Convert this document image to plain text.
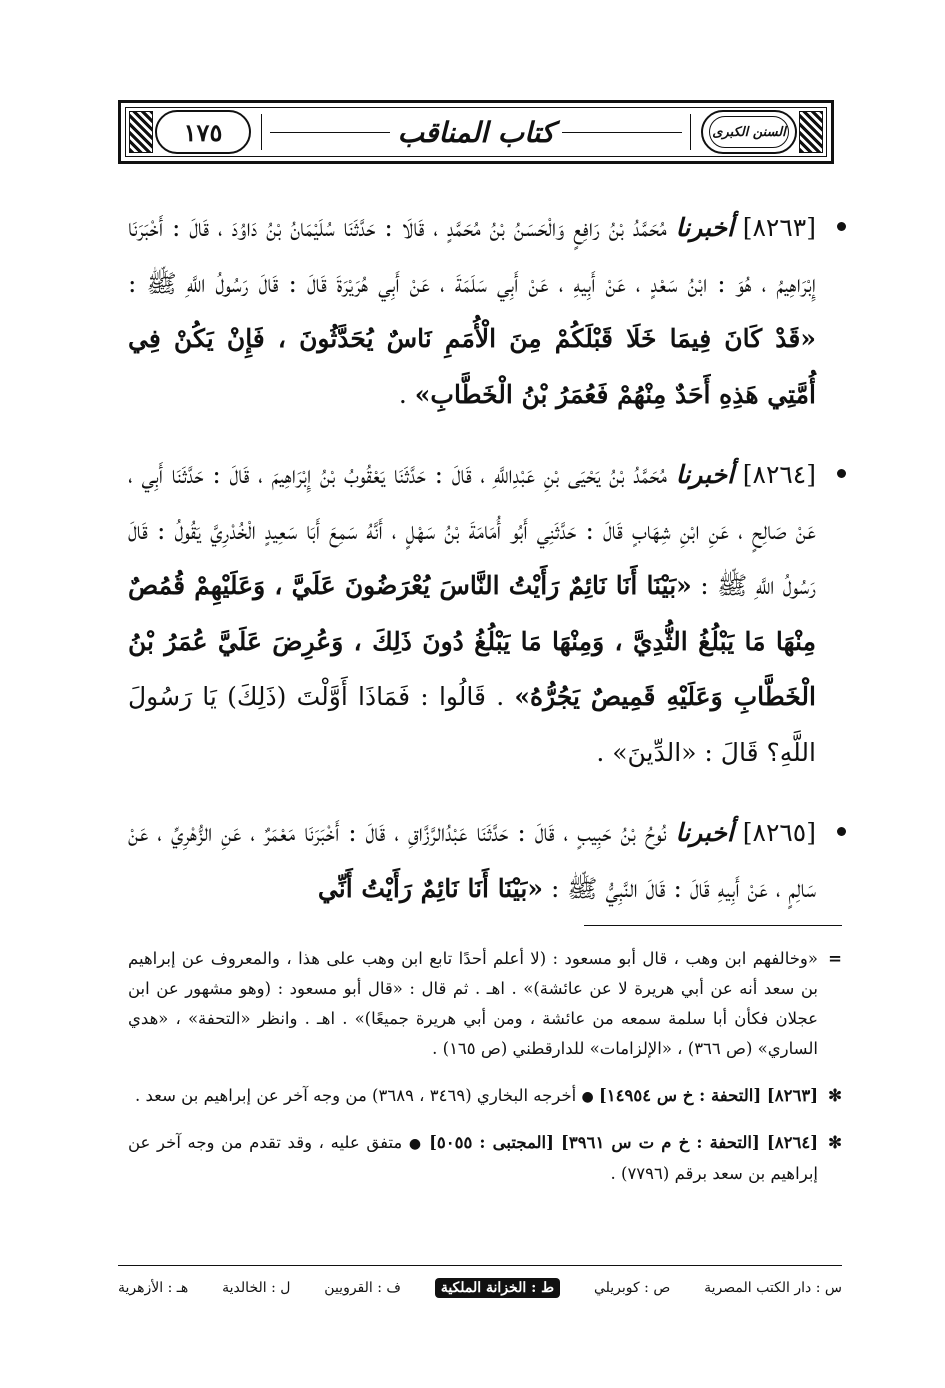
١٧٥	كتاب المناقب	السنن الكبرى

[٨٢٦٣] أخبرنا مُحَمَّدُ بْنُ رَافِعٍ وَالْحَسَنُ بْنُ مُحَمَّدٍ ، قَالَا : حَدَّثَنَا سُلَيْمَانُ بْنُ دَاوُدَ ، قَالَ : أَخْبَرَنَا إِبْرَاهِيمُ ، هُوَ : ابْنُ سَعْدٍ ، عَنْ أَبِيهِ ، عَنْ أَبِي سَلَمَةَ ، عَنْ أَبِي هُرَيْرَةَ قَالَ : قَالَ رَسُولُ اللَّهِ ﷺ : «قَدْ كَانَ فِيمَا خَلَا قَبْلَكُمْ مِنَ الْأُمَمِ نَاسٌ يُحَدَّثُونَ ، فَإِنْ يَكُنْ فِي أُمَّتِي هَذِهِ أَحَدٌ مِنْهُمْ فَعُمَرُ بْنُ الْخَطَّابِ» .

[٨٢٦٤] أخبرنا مُحَمَّدُ بْنُ يَحْيَى بْنِ عَبْدِاللَّهِ ، قَالَ : حَدَّثَنَا يَعْقُوبُ بْنُ إِبْرَاهِيمَ ، قَالَ : حَدَّثَنَا أَبِي ، عَنْ صَالِحٍ ، عَنِ ابْنِ شِهَابٍ قَالَ : حَدَّثَنِي أَبُو أُمَامَةَ بْنُ سَهْلٍ ، أَنَّهُ سَمِعَ أَبَا سَعِيدٍ الْخُدْرِيَّ يَقُولُ : قَالَ رَسُولُ اللَّهِ ﷺ : «بَيْنَا أَنَا نَائِمٌ رَأَيْتُ النَّاسَ يُعْرَضُونَ عَلَيَّ ، وَعَلَيْهِمْ قُمُصٌ مِنْهَا مَا يَبْلُغُ الثُّدِيَّ ، وَمِنْهَا مَا يَبْلُغُ دُونَ ذَلِكَ ، وَعُرِضَ عَلَيَّ عُمَرُ بْنُ الْخَطَّابِ وَعَلَيْهِ قَمِيصٌ يَجُرُّهُ» . قَالُوا : فَمَاذَا أَوَّلْتَ (ذَلِكَ) يَا رَسُولَ اللَّهِ؟ قَالَ : «الدِّينَ» .

[٨٢٦٥] أخبرنا نُوحُ بْنُ حَبِيبٍ ، قَالَ : حَدَّثَنَا عَبْدُالرَّزَّاقِ ، قَالَ : أَخْبَرَنَا مَعْمَرٌ ، عَنِ الزُّهْرِيِّ ، عَنْ سَالِمٍ ، عَنْ أَبِيهِ قَالَ : قَالَ النَّبِيُّ ﷺ : «بَيْنَا أَنَا نَائِمٌ رَأَيْتُ أَنِّي

=
«وخالفهم ابن وهب ، قال أبو مسعود : (لا أعلم أحدًا تابع ابن وهب على هذا ، والمعروف عن إبراهيم بن سعد أنه عن أبي هريرة لا عن عائشة)» . اهـ . ثم قال : «قال أبو مسعود : (وهو مشهور عن ابن عجلان فكأن أبا سلمة سمعه من عائشة ، ومن أبي هريرة جميعًا)» . اهـ . وانظر «التحفة» ، «هدي الساري» (ص ٣٦٦) ، «الإلزامات» للدارقطني (ص ١٦٥) .

✻
[٨٢٦٣] [التحفة : خ س ١٤٩٥٤] ● أخرجه البخاري (٣٤٦٩ ، ٣٦٨٩) من وجه آخر عن إبراهيم بن سعد .

✻
[٨٢٦٤] [التحفة : خ م ت س ٣٩٦١] [المجتبى : ٥٠٥٥] ● متفق عليه ، وقد تقدم من وجه آخر عن إبراهيم بن سعد برقم (٧٧٩٦) .

س : دار الكتب المصرية
ص : كوبريلي
ط : الخزانة الملكية
ف : القرويين
ل : الخالدية
هـ : الأزهرية
